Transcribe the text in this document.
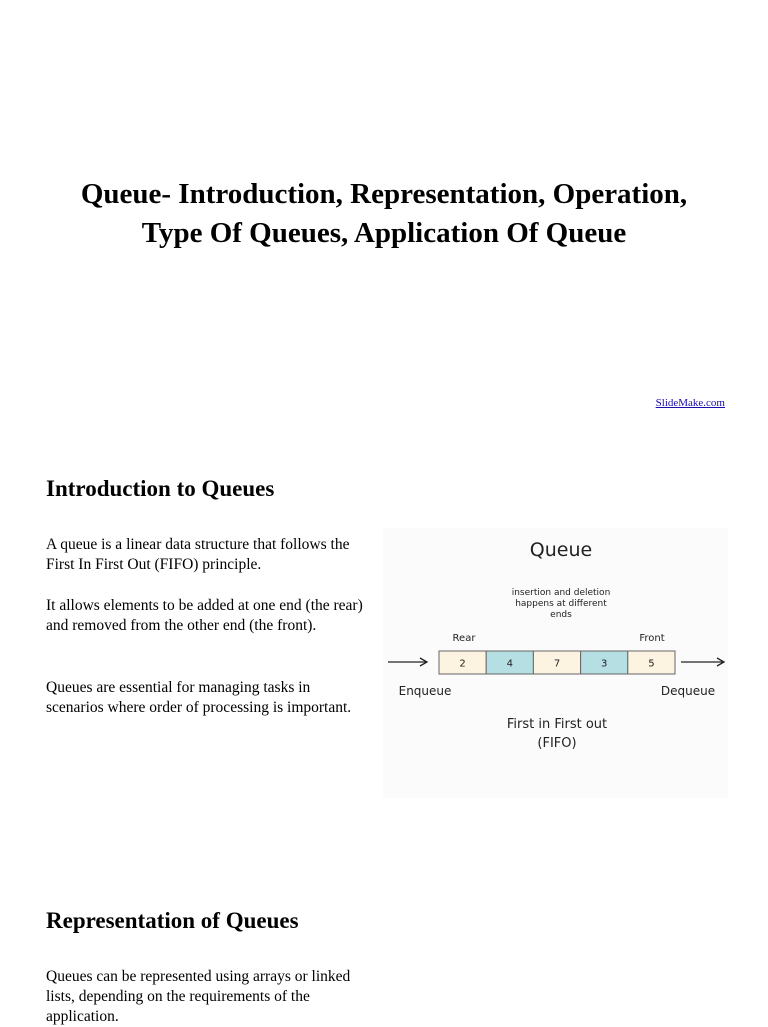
Queue- Introduction, Representation, Operation,
Type Of Queues, Application Of Queue
SlideMake.com
Introduction to Queues

A queue is a linear data structure that follows the First In First Out (FIFO) principle.

It allows elements to be added at one end (the rear) and removed from the other end (the front).

Queues are essential for managing tasks in scenarios where order of processing is important.

Queue
insertion and deletion
happens at different
ends
Rear	Front
2	4	7	3	5
Enqueue	Dequeue
First in First out
(FIFO)
Representation of Queues

Queues can be represented using arrays or linked lists, depending on the requirements of the application.
